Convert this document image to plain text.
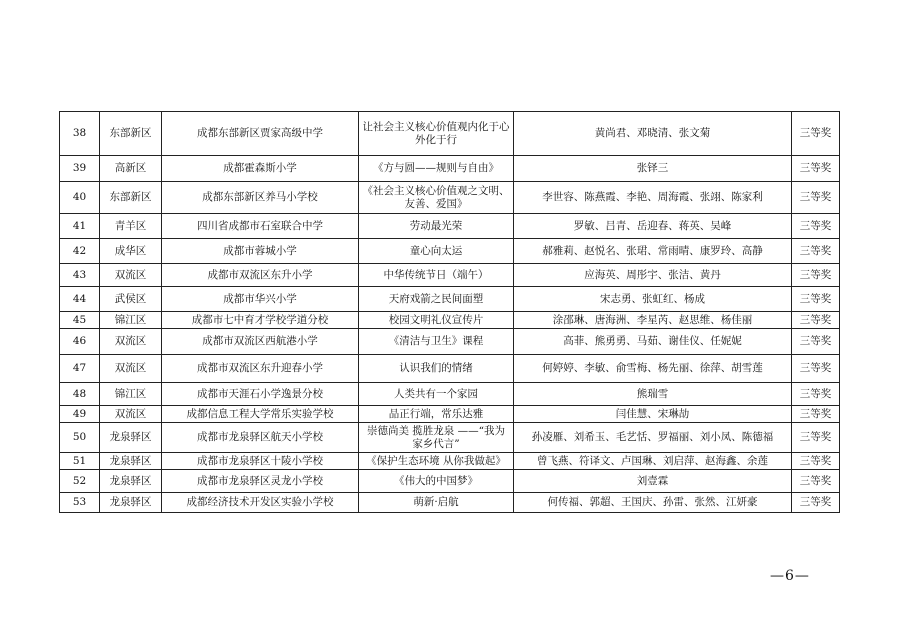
38	东部新区	成都东部新区贾家高级中学	让社会主义核心价值观内化于心外化于行	黄尚君、邓晓清、张文菊	三等奖
39	高新区	成都霍森斯小学	《方与圆——规则与自由》	张铎三	三等奖
40	东部新区	成都东部新区养马小学校	《社会主义核心价值观之文明、友善、爱国》	李世容、陈燕霞、李艳、周海霞、张翊、陈家利	三等奖
41	青羊区	四川省成都市石室联合中学	劳动最光荣	罗敏、吕青、岳迎春、蒋英、吴峰	三等奖
42	成华区	成都市蓉城小学	童心向太运	郝雅莉、赵悦名、张珺、常雨晴、康罗玲、高静	三等奖
43	双流区	成都市双流区东升小学	中华传统节日（端午）	应海英、周彤宇、张洁、黄丹	三等奖
44	武侯区	成都市华兴小学	天府戏箭之民间面塑	宋志勇、张虹红、杨成	三等奖
45	锦江区	成都市七中育才学校学道分校	校园文明礼仪宣传片	涂邵琳、唐海洲、李星芮、赵思维、杨佳丽	三等奖
46	双流区	成都市双流区西航港小学	《清洁与卫生》课程	高菲、熊勇勇、马茹、谢佳仪、任妮妮	三等奖
47	双流区	成都市双流区东升迎春小学	认识我们的情绪	何婷婷、李敏、俞雪梅、杨先丽、徐萍、胡雪莲	三等奖
48	锦江区	成都市天涯石小学逸景分校	人类共有一个家园	熊瑞雪	三等奖
49	双流区	成都信息工程大学常乐实验学校	品正行端，常乐达雅	闫佳慧、宋琳劼	三等奖
50	龙泉驿区	成都市龙泉驿区航天小学校	崇德尚美 揽胜龙泉 ——“我为家乡代言”	孙凌雁、刘希玉、毛艺恬、罗福丽、刘小凤、陈德福	三等奖
51	龙泉驿区	成都市龙泉驿区十陵小学校	《保护生态环境 从你我做起》	曾飞燕、符译文、卢国琳、刘启萍、赵海鑫、余莲	三等奖
52	龙泉驿区	成都市龙泉驿区灵龙小学校	《伟大的中国梦》	刘壹霖	三等奖
53	龙泉驿区	成都经济技术开发区实验小学校	萌新·启航	何传福、郭超、王国庆、孙雷、张然、江妍豪	三等奖
—6—
